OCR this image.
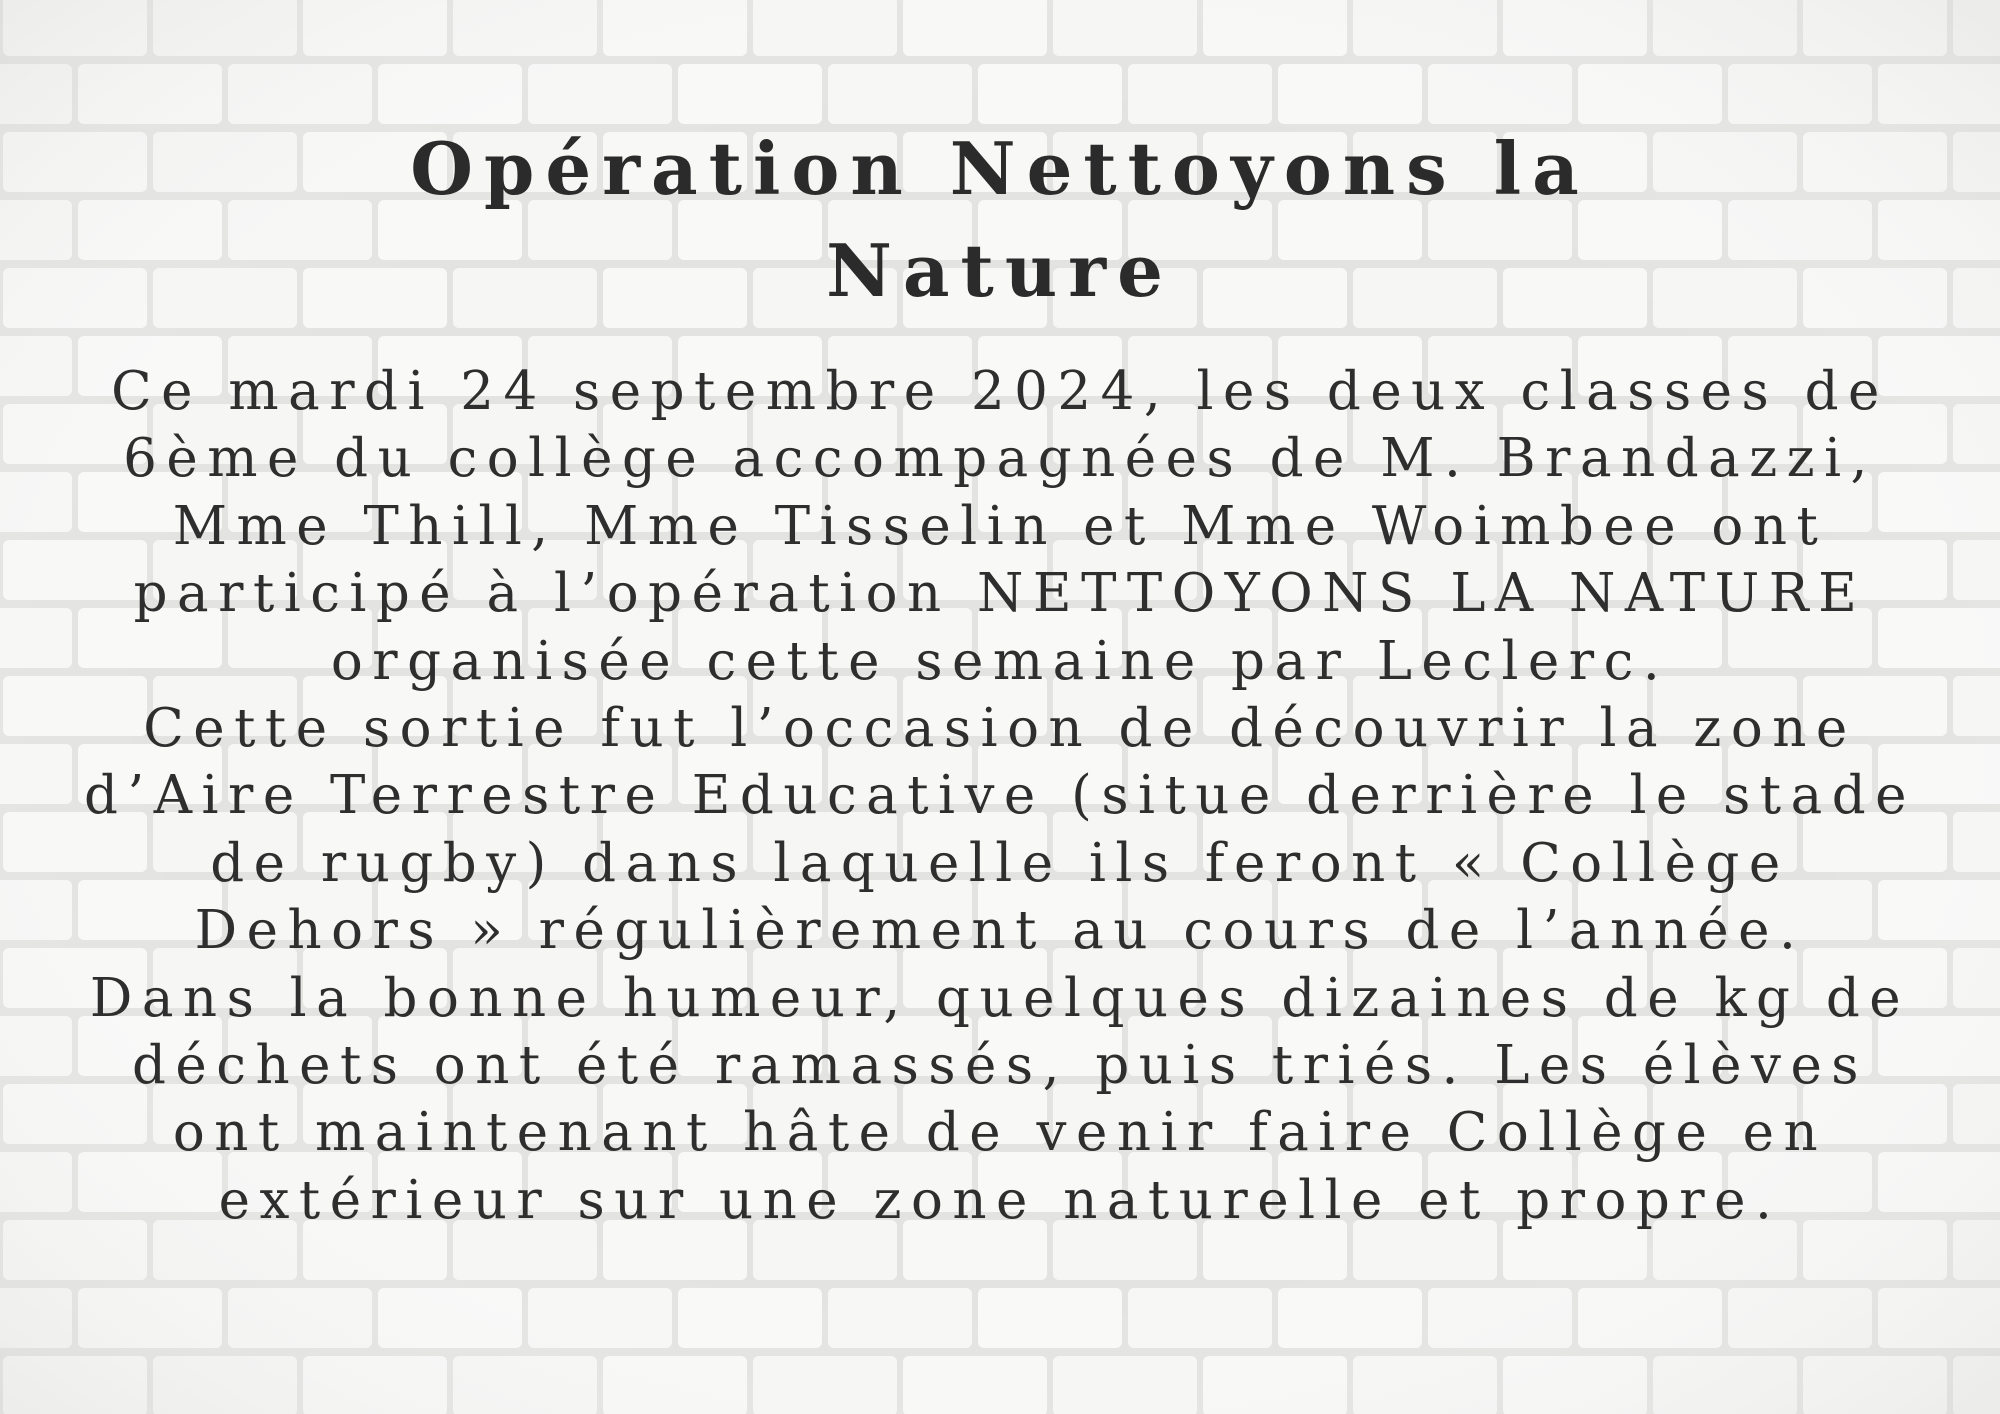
Opération Nettoyons la
Nature

Ce mardi 24 septembre 2024, les deux classes de
6ème du collège accompagnées de M. Brandazzi,
Mme Thill, Mme Tisselin et Mme Woimbee ont
participé à l’opération NETTOYONS LA NATURE
organisée cette semaine par Leclerc.
Cette sortie fut l’occasion de découvrir la zone
d’Aire Terrestre Educative (situe derrière le stade
de rugby) dans laquelle ils feront « Collège
Dehors » régulièrement au cours de l’année.
Dans la bonne humeur, quelques dizaines de kg de
déchets ont été ramassés, puis triés. Les élèves
ont maintenant hâte de venir faire Collège en
extérieur sur une zone naturelle et propre.
